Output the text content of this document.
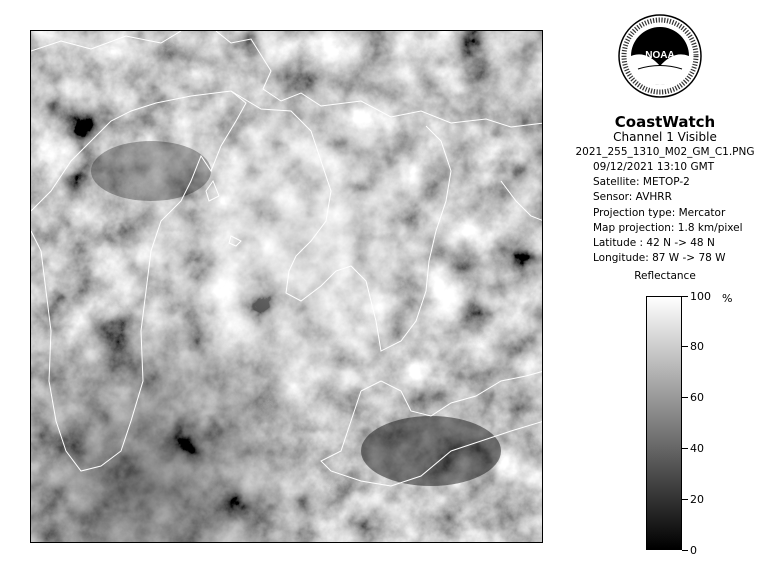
NOAA
CoastWatch
Channel 1 Visible
2021_255_1310_M02_GM_C1.PNG
09/12/2021 13:10 GMT
Satellite: METOP-2
Sensor: AVHRR
Projection type: Mercator
Map projection: 1.8 km/pixel
Latitude : 42 N -> 48 N
Longitude: 87 W -> 78 W
Reflectance
%
100
80
60
40
20
0
